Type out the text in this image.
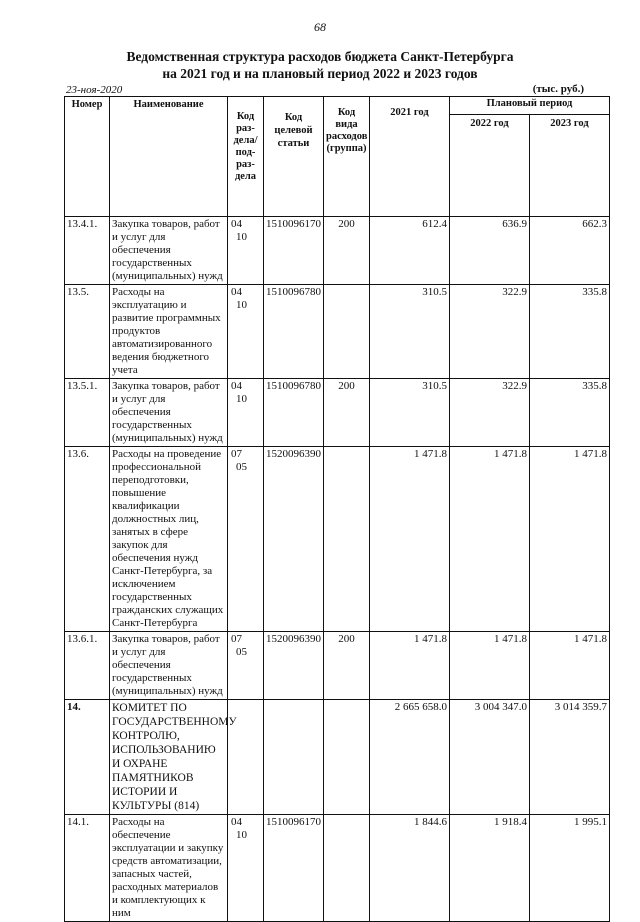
68
Ведомственная структура расходов бюджета Санкт-Петербурга
на 2021 год и на плановый период 2022 и 2023 годов
23-ноя-2020	(тыс. руб.)
Номер	Наименование	Код раз- дела/ под- раз- дела	Код целевой статьи	Код вида расходов (группа)	2021 год	Плановый период	
						2022 год	2023 год
13.4.1.	Закупка товаров, работ и услуг для обеспечения государственных (муниципальных) нужд	0410	1510096170	200	612.4	636.9	662.3
13.5.	Расходы на эксплуатацию и развитие программных продуктов автоматизированного ведения бюджетного учета	0410	1510096780		310.5	322.9	335.8
13.5.1.	Закупка товаров, работ и услуг для обеспечения государственных (муниципальных) нужд	0410	1510096780	200	310.5	322.9	335.8
13.6.	Расходы на проведение профессиональной переподготовки, повышение квалификации должностных лиц, занятых в сфере закупок для обеспечения нужд Санкт-Петербурга, за исключением государственных гражданских служащих Санкт-Петербурга	0705	1520096390		1 471.8	1 471.8	1 471.8
13.6.1.	Закупка товаров, работ и услуг для обеспечения государственных (муниципальных) нужд	0705	1520096390	200	1 471.8	1 471.8	1 471.8
14.	КОМИТЕТ ПО ГОСУДАРСТВЕННОМУ КОНТРОЛЮ, ИСПОЛЬЗОВАНИЮ И ОХРАНЕ ПАМЯТНИКОВ ИСТОРИИ И КУЛЬТУРЫ (814)				2 665 658.0	3 004 347.0	3 014 359.7
14.1.	Расходы на обеспечение эксплуатации и закупку средств автоматизации, запасных частей, расходных материалов и комплектующих к ним	0410	1510096170		1 844.6	1 918.4	1 995.1
